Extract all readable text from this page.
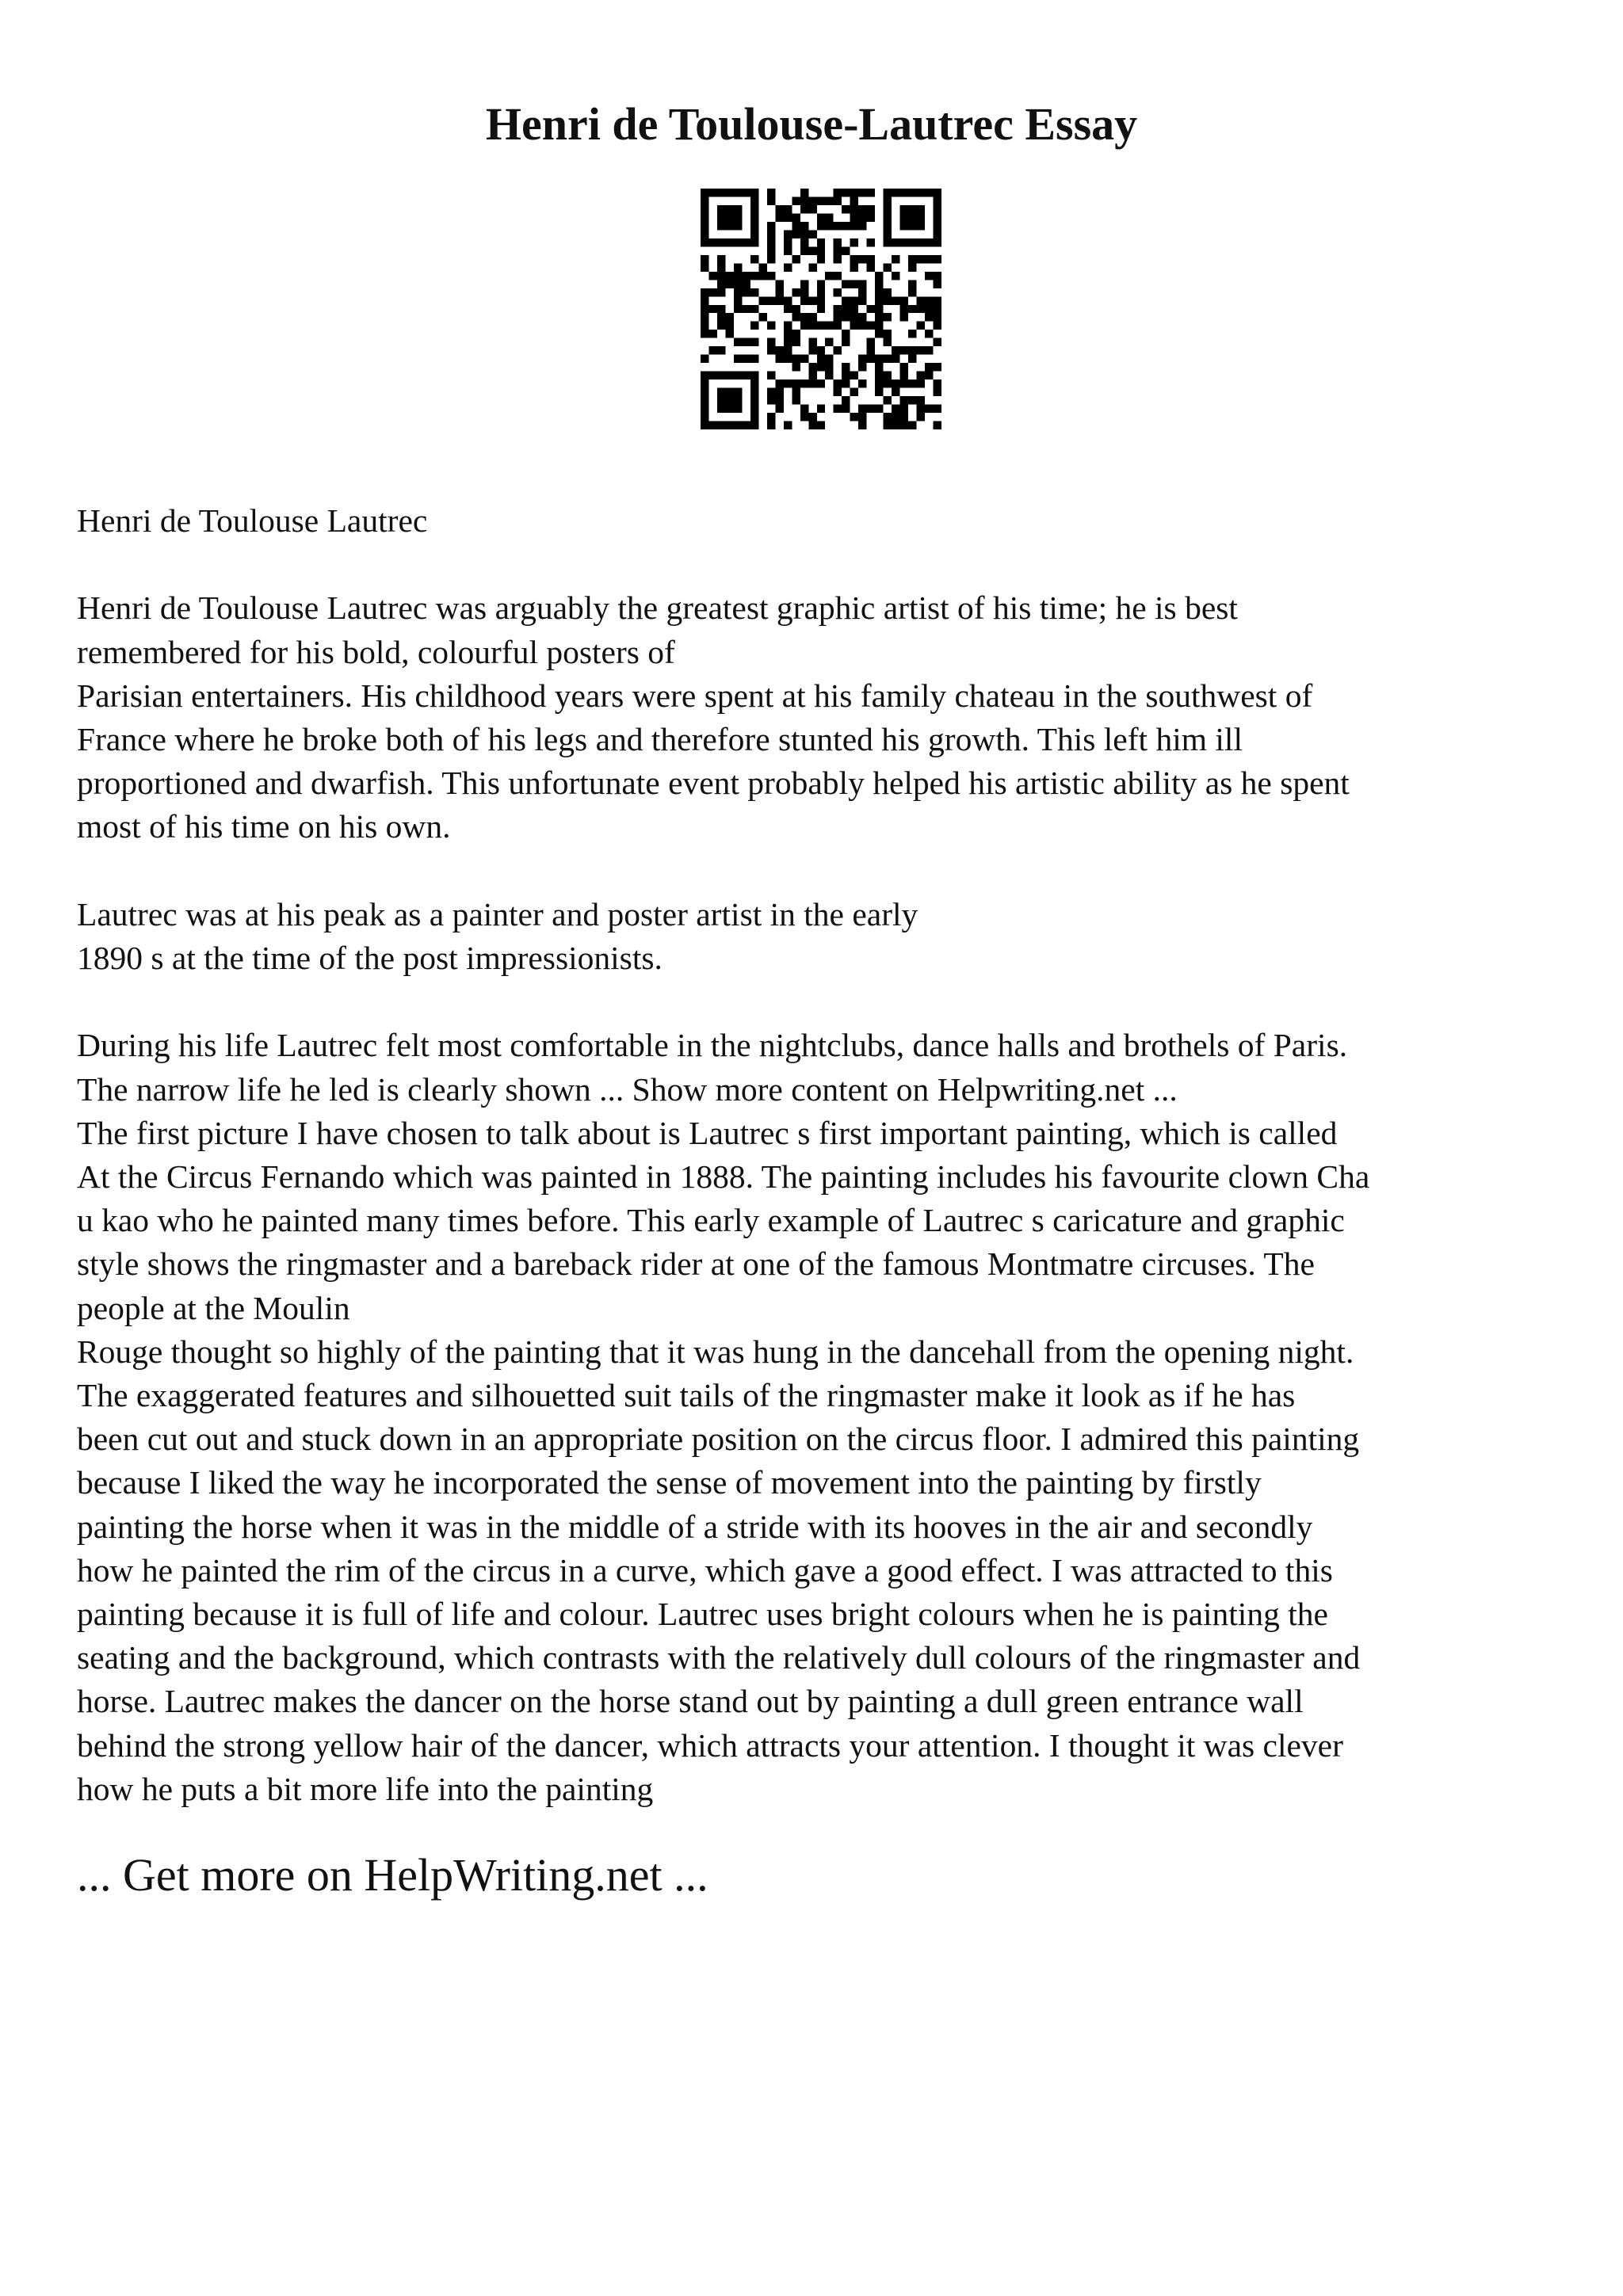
Henri de Toulouse-Lautrec Essay

Henri de Toulouse Lautrec

Henri de Toulouse Lautrec was arguably the greatest graphic artist of his time; he is best

remembered for his bold, colourful posters of

Parisian entertainers. His childhood years were spent at his family chateau in the southwest of

France where he broke both of his legs and therefore stunted his growth. This left him ill

proportioned and dwarfish. This unfortunate event probably helped his artistic ability as he spent

most of his time on his own.

Lautrec was at his peak as a painter and poster artist in the early

1890 s at the time of the post impressionists.

During his life Lautrec felt most comfortable in the nightclubs, dance halls and brothels of Paris.

The narrow life he led is clearly shown ... Show more content on Helpwriting.net ...

The first picture I have chosen to talk about is Lautrec s first important painting, which is called

At the Circus Fernando which was painted in 1888. The painting includes his favourite clown Cha

u kao who he painted many times before. This early example of Lautrec s caricature and graphic

style shows the ringmaster and a bareback rider at one of the famous Montmatre circuses. The

people at the Moulin

Rouge thought so highly of the painting that it was hung in the dancehall from the opening night.

The exaggerated features and silhouetted suit tails of the ringmaster make it look as if he has

been cut out and stuck down in an appropriate position on the circus floor. I admired this painting

because I liked the way he incorporated the sense of movement into the painting by firstly

painting the horse when it was in the middle of a stride with its hooves in the air and secondly

how he painted the rim of the circus in a curve, which gave a good effect. I was attracted to this

painting because it is full of life and colour. Lautrec uses bright colours when he is painting the

seating and the background, which contrasts with the relatively dull colours of the ringmaster and

horse. Lautrec makes the dancer on the horse stand out by painting a dull green entrance wall

behind the strong yellow hair of the dancer, which attracts your attention. I thought it was clever

how he puts a bit more life into the painting

... Get more on HelpWriting.net ...
